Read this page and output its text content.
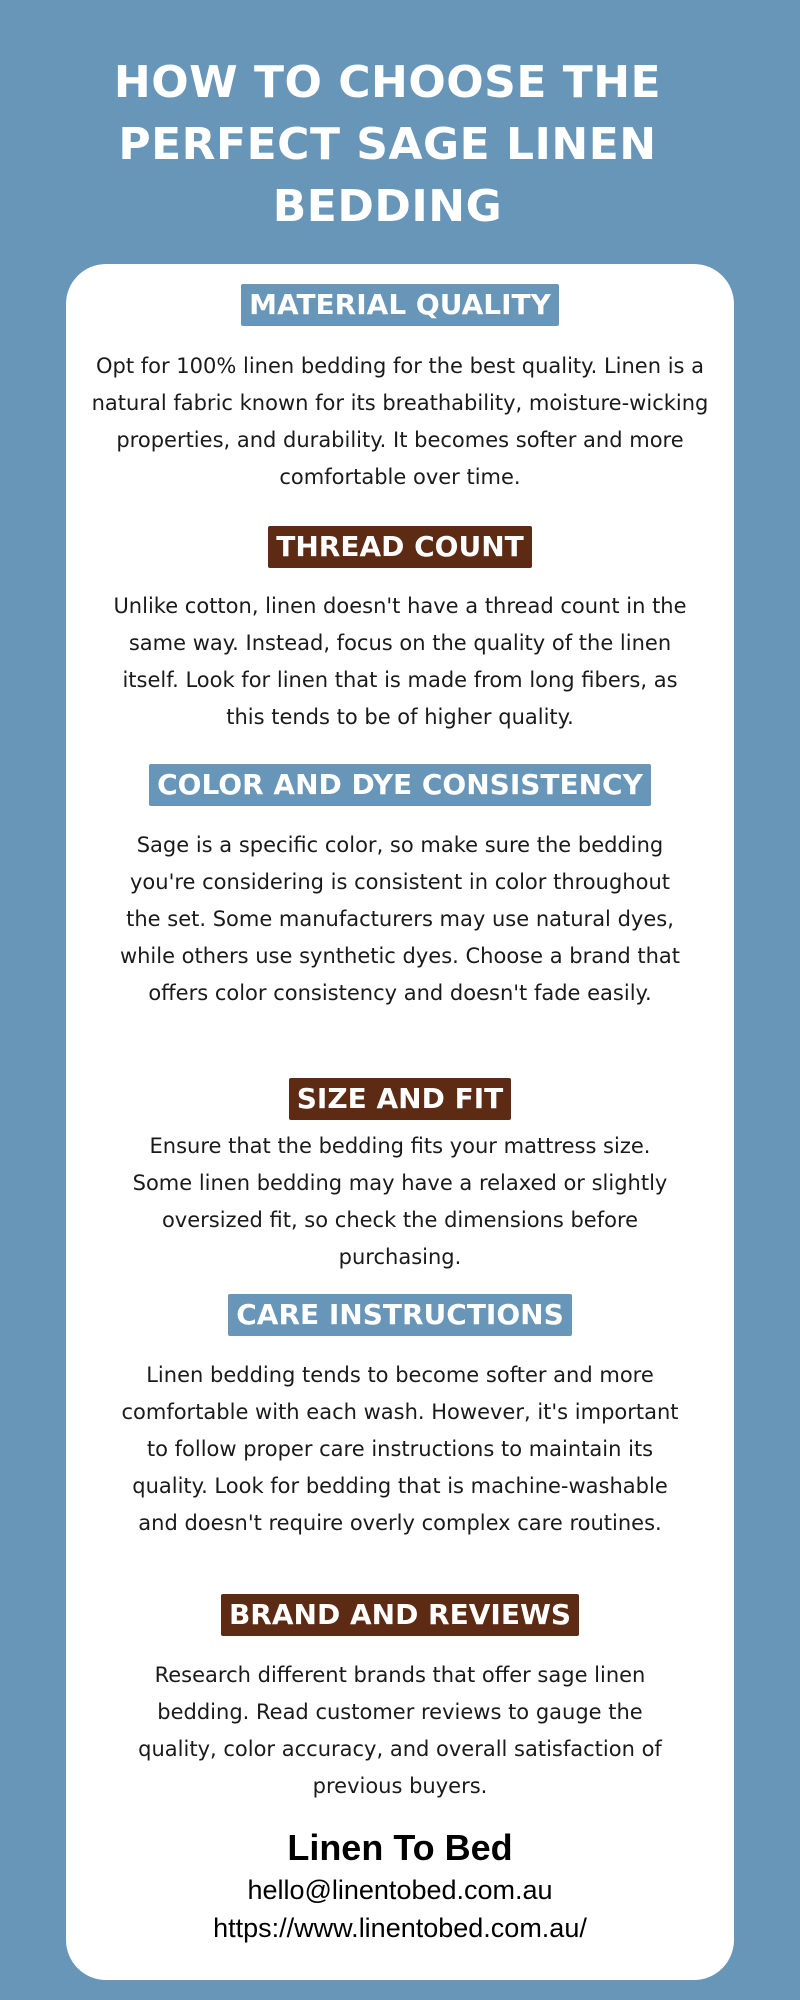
HOW TO CHOOSE THE PERFECT SAGE LINEN BEDDING
MATERIAL QUALITY

Opt for 100% linen bedding for the best quality. Linen is a natural fabric known for its breathability, moisture-wicking properties, and durability. It becomes softer and more comfortable over time.

THREAD COUNT

Unlike cotton, linen doesn't have a thread count in the same way. Instead, focus on the quality of the linen itself. Look for linen that is made from long fibers, as this tends to be of higher quality.

COLOR AND DYE CONSISTENCY

Sage is a specific color, so make sure the bedding you're considering is consistent in color throughout the set. Some manufacturers may use natural dyes, while others use synthetic dyes. Choose a brand that offers color consistency and doesn't fade easily.

SIZE AND FIT

Ensure that the bedding fits your mattress size. Some linen bedding may have a relaxed or slightly oversized fit, so check the dimensions before purchasing.

CARE INSTRUCTIONS

Linen bedding tends to become softer and more comfortable with each wash. However, it's important to follow proper care instructions to maintain its quality. Look for bedding that is machine-washable and doesn't require overly complex care routines.

BRAND AND REVIEWS

Research different brands that offer sage linen bedding. Read customer reviews to gauge the quality, color accuracy, and overall satisfaction of previous buyers.

Linen To Bed
hello@linentobed.com.au
https://www.linentobed.com.au/
